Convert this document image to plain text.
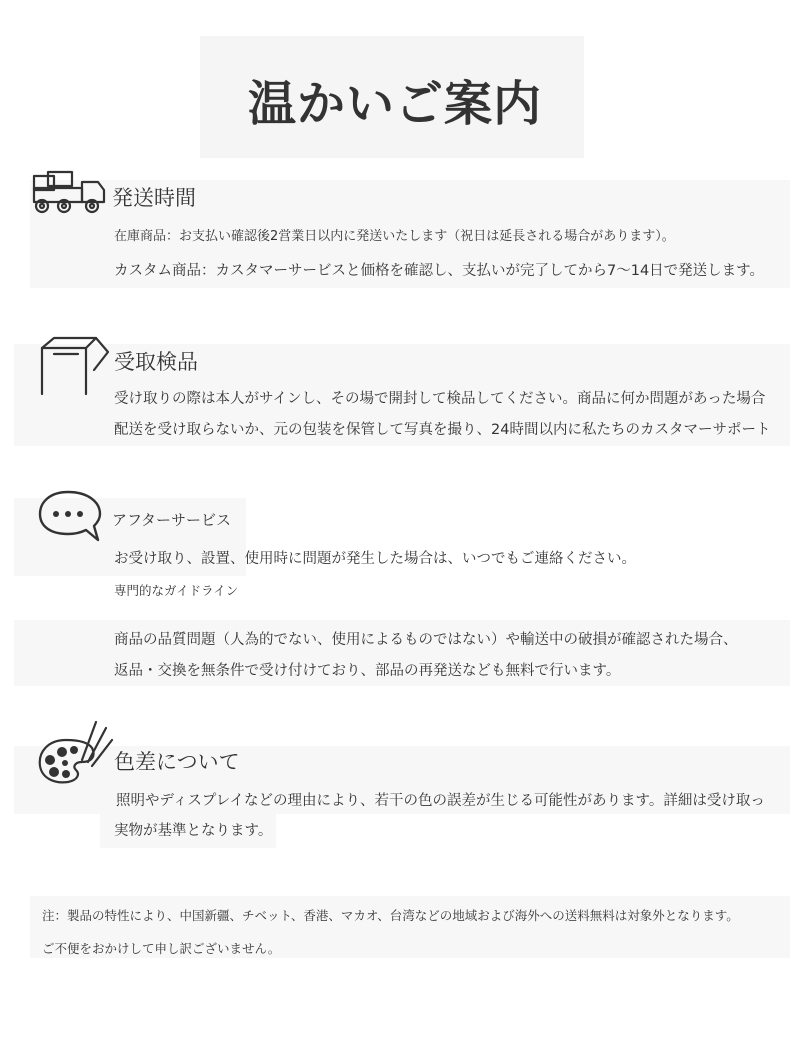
温かいご案内
発送時間
在庫商品：お支払い確認後2営業日以内に発送いたします（祝日は延長される場合があります）。
カスタム商品：カスタマーサービスと価格を確認し、支払いが完了してから7〜14日で発送します。
受取検品
受け取りの際は本人がサインし、その場で開封して検品してください。商品に何か問題があった場合
配送を受け取らないか、元の包装を保管して写真を撮り、24時間以内に私たちのカスタマーサポート
アフターサービス
お受け取り、設置、使用時に問題が発生した場合は、いつでもご連絡ください。
専門的なガイドライン
商品の品質問題（人為的でない、使用によるものではない）や輸送中の破損が確認された場合、
返品・交換を無条件で受け付けており、部品の再発送なども無料で行います。
色差について
照明やディスプレイなどの理由により、若干の色の誤差が生じる可能性があります。詳細は受け取っ
実物が基準となります。
注：製品の特性により、中国新疆、チベット、香港、マカオ、台湾などの地域および海外への送料無料は対象外となります。
ご不便をおかけして申し訳ございません。
